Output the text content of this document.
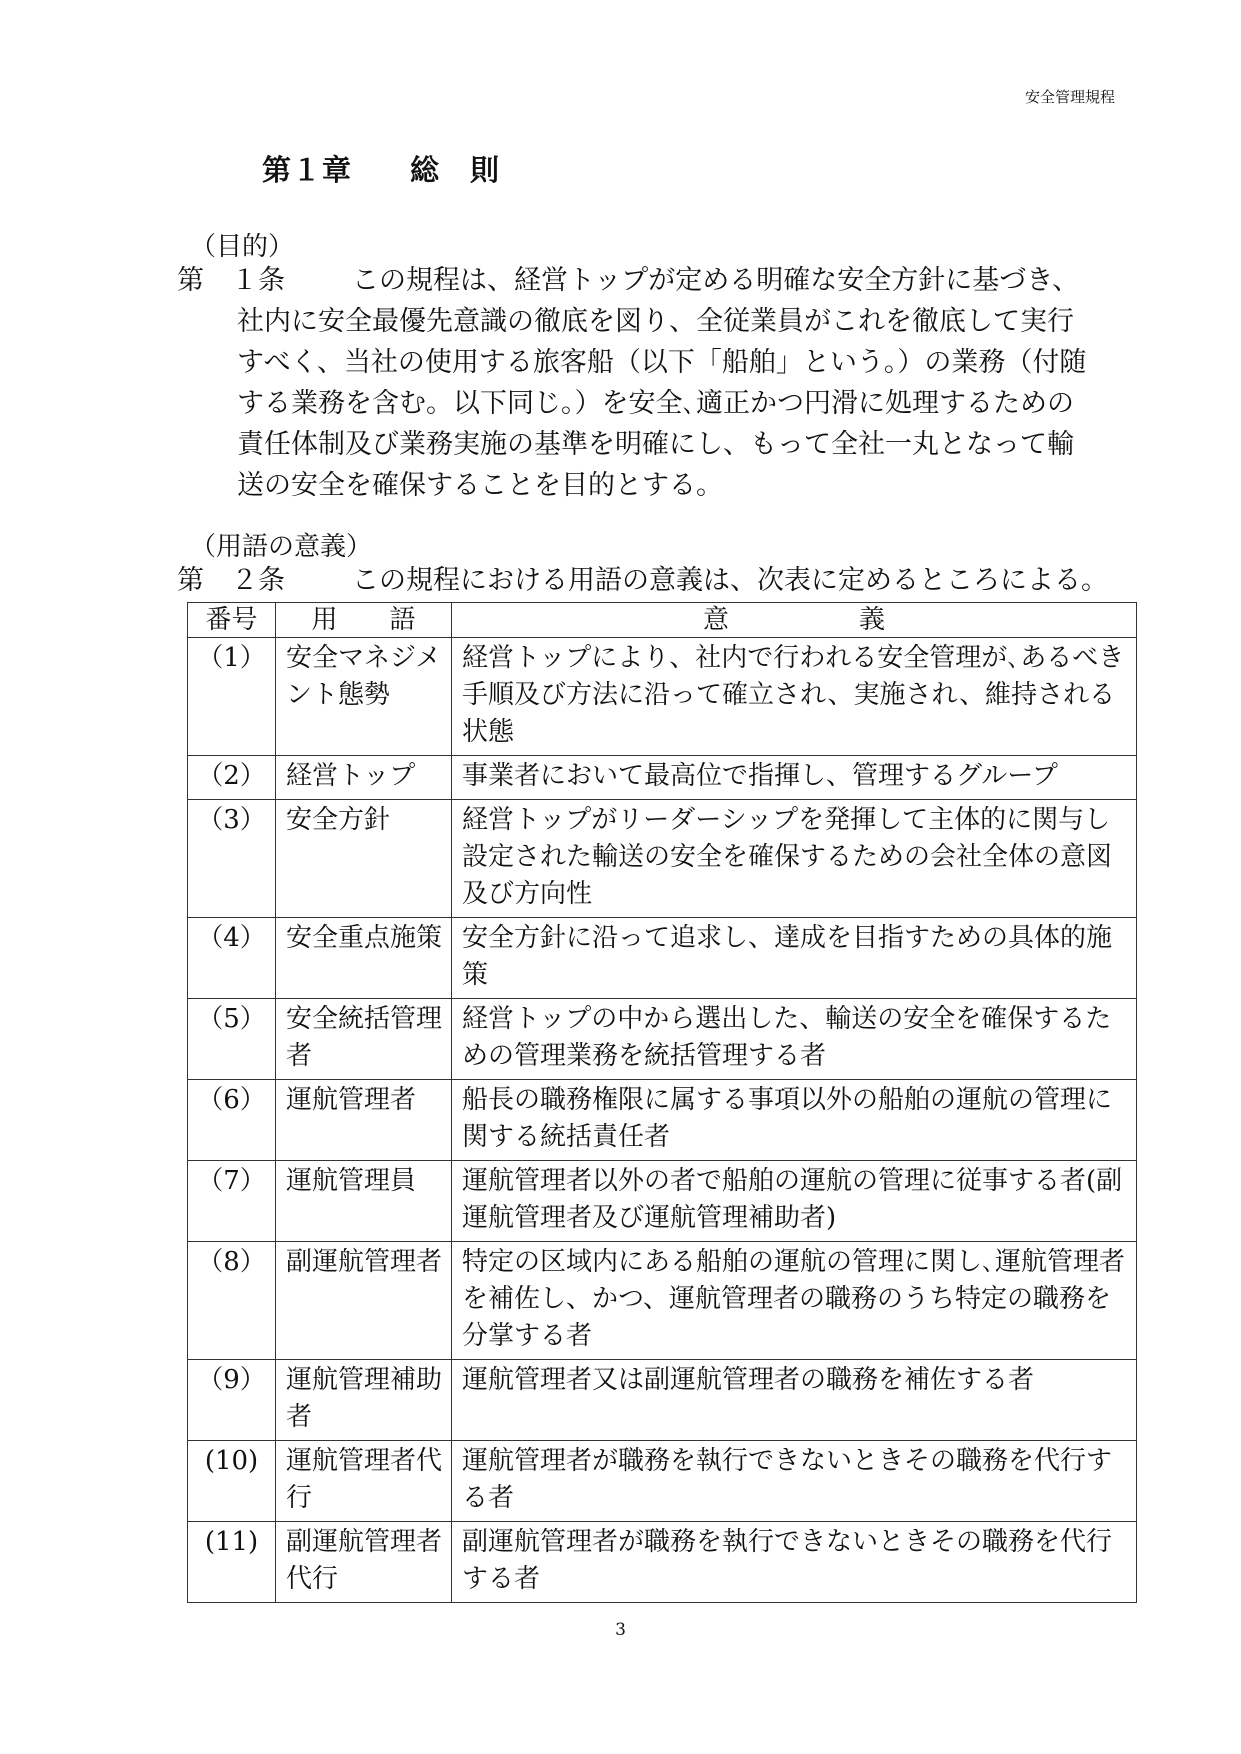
安全管理規程
第１章 総　則
（目的）
第　１条 この規程は、経営トップが定める明確な安全方針に基づき、
社内に安全最優先意識の徹底を図り、全従業員がこれを徹底して実行
すべく、当社の使用する旅客船（以下「船舶」という。）の業務（付随
する業務を含む。以下同じ。）を安全､適正かつ円滑に処理するための
責任体制及び業務実施の基準を明確にし、もって全社一丸となって輸
送の安全を確保することを目的とする。
（用語の意義）
第　２条 この規程における用語の意義は、次表に定めるところによる。
番号	用　　語	意　　　　　義
（1）	安全マネジメント態勢	経営トップにより、社内で行われる安全管理が､あるべき手順及び方法に沿って確立され、実施され、維持される状態
（2）	経営トップ	事業者において最高位で指揮し、管理するグループ
（3）	安全方針	経営トップがリーダーシップを発揮して主体的に関与し設定された輸送の安全を確保するための会社全体の意図及び方向性
（4）	安全重点施策	安全方針に沿って追求し、達成を目指すための具体的施策
（5）	安全統括管理者	経営トップの中から選出した、輸送の安全を確保するための管理業務を統括管理する者
（6）	運航管理者	船長の職務権限に属する事項以外の船舶の運航の管理に関する統括責任者
（7）	運航管理員	運航管理者以外の者で船舶の運航の管理に従事する者(副運航管理者及び運航管理補助者)
（8）	副運航管理者	特定の区域内にある船舶の運航の管理に関し､運航管理者を補佐し、かつ、運航管理者の職務のうち特定の職務を分掌する者
（9）	運航管理補助者	運航管理者又は副運航管理者の職務を補佐する者
(10)	運航管理者代行	運航管理者が職務を執行できないときその職務を代行する者
(11)	副運航管理者代行	副運航管理者が職務を執行できないときその職務を代行する者
3
